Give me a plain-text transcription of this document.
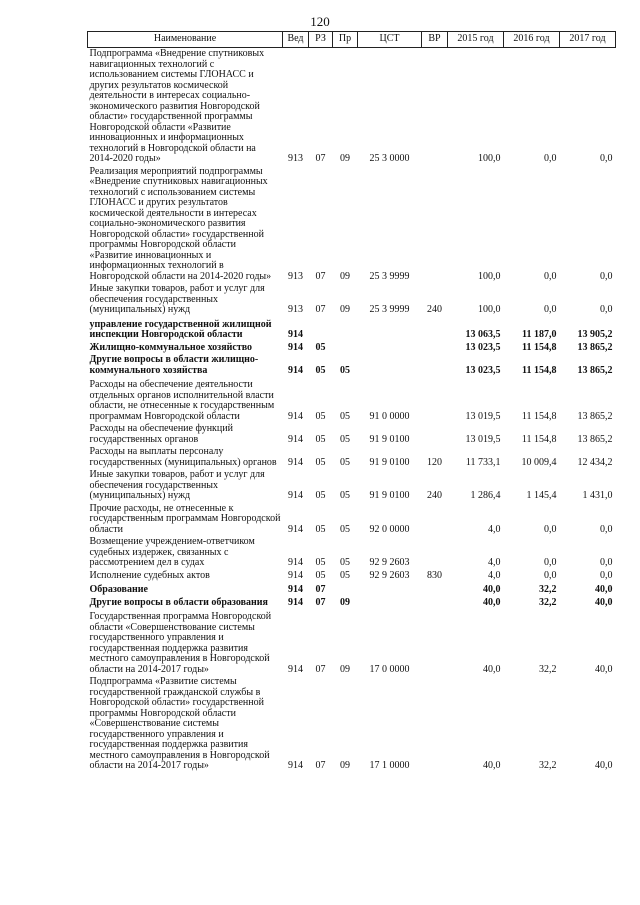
120
Наименование	Вед	РЗ	Пр	ЦСТ	ВР	2015 год	2016 год	2017 год
Подпрограмма «Внедрение спутниковых навигационных технологий с использованием системы ГЛОНАСС и других результатов космической деятельности в интересах социально-экономического развития Новгородской области» государственной программы Новгородской области «Развитие инновационных и информационных технологий в Новгородской области на 2014-2020 годы»	913	07	09	25 3 0000		100,0	0,0	0,0
Реализация мероприятий подпрограммы «Внедрение спутниковых навигационных технологий с использованием системы ГЛОНАСС и других результатов космической деятельности в интересах социально-экономического развития Новгородской области» государственной программы Новгородской области «Развитие инновационных и информационных технологий в Новгородской области на 2014-2020 годы»	913	07	09	25 3 9999		100,0	0,0	0,0
Иные закупки товаров, работ и услуг для обеспечения государственных (муниципальных) нужд	913	07	09	25 3 9999	240	100,0	0,0	0,0
управление государственной жилищной инспекции Новгородской области	914					13 063,5	11 187,0	13 905,2
Жилищно-коммунальное хозяйство	914	05				13 023,5	11 154,8	13 865,2
Другие вопросы в области жилищно-коммунального хозяйства	914	05	05			13 023,5	11 154,8	13 865,2
Расходы на обеспечение деятельности отдельных органов исполнительной власти области, не отнесенные к государственным программам Новгородской области	914	05	05	91 0 0000		13 019,5	11 154,8	13 865,2
Расходы на обеспечение функций государственных органов	914	05	05	91 9 0100		13 019,5	11 154,8	13 865,2
Расходы на выплаты персоналу государственных (муниципальных) органов	914	05	05	91 9 0100	120	11 733,1	10 009,4	12 434,2
Иные закупки товаров, работ и услуг для обеспечения государственных (муниципальных) нужд	914	05	05	91 9 0100	240	1 286,4	1 145,4	1 431,0
Прочие расходы, не отнесенные к государственным программам Новгородской области	914	05	05	92 0 0000		4,0	0,0	0,0
Возмещение учреждением-ответчиком судебных издержек, связанных с рассмотрением дел в судах	914	05	05	92 9 2603		4,0	0,0	0,0
Исполнение судебных актов	914	05	05	92 9 2603	830	4,0	0,0	0,0
Образование	914	07				40,0	32,2	40,0
Другие вопросы в области образования	914	07	09			40,0	32,2	40,0
Государственная программа Новгородской области «Совершенствование системы государственного управления и государственная поддержка развития местного самоуправления в Новгородской области на 2014-2017 годы»	914	07	09	17 0 0000		40,0	32,2	40,0
Подпрограмма «Развитие системы государственной гражданской службы в Новгородской области» государственной программы Новгородской области «Совершенствование системы государственного управления и государственная поддержка развития местного самоуправления в Новгородской области на 2014-2017 годы»	914	07	09	17 1 0000		40,0	32,2	40,0
